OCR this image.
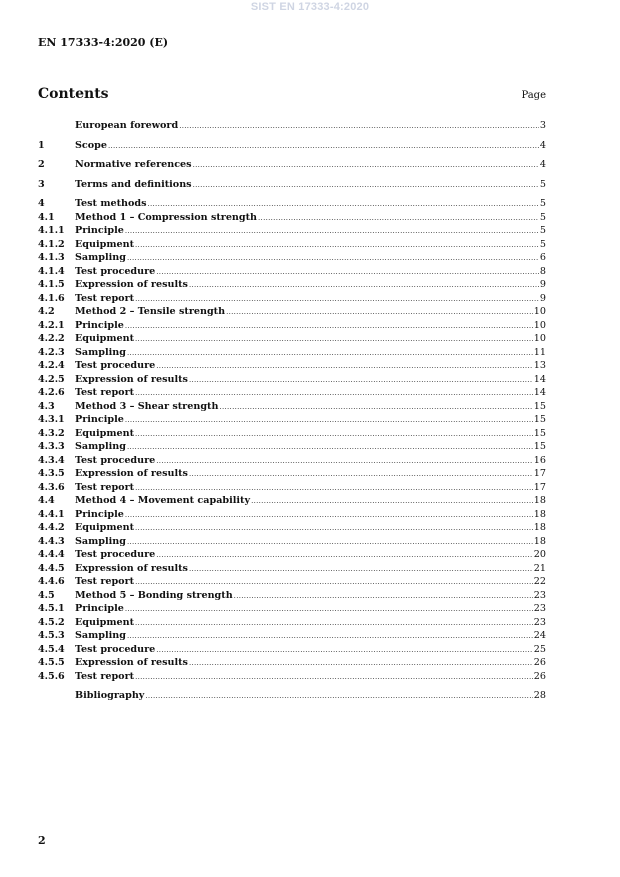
SIST EN 17333-4:2020
EN 17333-4:2020 (E)
Contents	Page
European foreword .....	3
1	Scope .....	4
2	Normative references .....	4
3	Terms and definitions .....	5
4	Test methods .....	5
4.1	Method 1 – Compression strength .....	5
4.1.1	Principle .....	5
4.1.2	Equipment .....	5
4.1.3	Sampling .....	6
4.1.4	Test procedure .....	8
4.1.5	Expression of results .....	9
4.1.6	Test report .....	9
4.2	Method 2 – Tensile strength .....	10
4.2.1	Principle .....	10
4.2.2	Equipment .....	10
4.2.3	Sampling .....	11
4.2.4	Test procedure .....	13
4.2.5	Expression of results .....	14
4.2.6	Test report .....	14
4.3	Method 3 – Shear strength .....	15
4.3.1	Principle .....	15
4.3.2	Equipment .....	15
4.3.3	Sampling .....	15
4.3.4	Test procedure .....	16
4.3.5	Expression of results .....	17
4.3.6	Test report .....	17
4.4	Method 4 – Movement capability .....	18
4.4.1	Principle .....	18
4.4.2	Equipment .....	18
4.4.3	Sampling .....	18
4.4.4	Test procedure .....	20
4.4.5	Expression of results .....	21
4.4.6	Test report .....	22
4.5	Method 5 – Bonding strength .....	23
4.5.1	Principle .....	23
4.5.2	Equipment .....	23
4.5.3	Sampling .....	24
4.5.4	Test procedure .....	25
4.5.5	Expression of results .....	26
4.5.6	Test report .....	26
Bibliography .....	28
2
